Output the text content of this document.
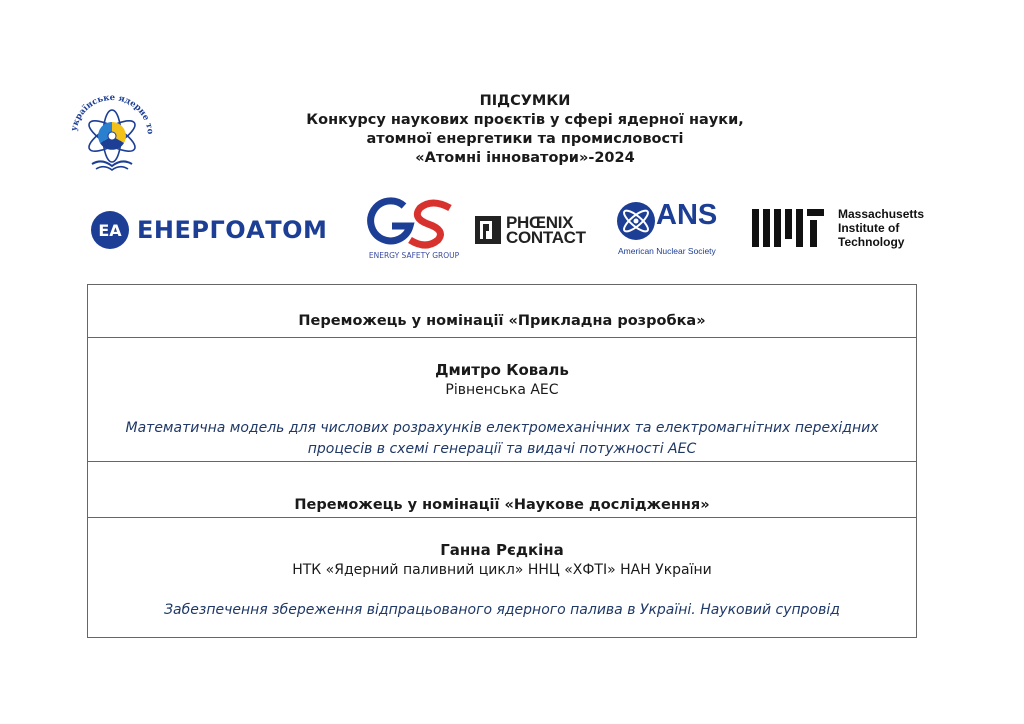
українське ядерне то
ПІДСУМКИ
Конкурсу наукових проєктів у сфері ядерної науки,
атомної енергетики та промисловості
«Атомні інноватори»-2024
EA ЕНЕРГОАТОМ
ENERGY SAFETY GROUP
PHŒNIX
CONTACT
ANS
American Nuclear Society
Massachusetts
Institute of
Technology
Переможець у номінації «Прикладна розробка»
Дмитро Коваль
Рівненська АЕС
Математична модель для числових розрахунків електромеханічних та електромагнітних перехідних процесів в схемі генерації та видачі потужності АЕС
Переможець у номінації «Наукове дослідження»
Ганна Рєдкіна
НТК «Ядерний паливний цикл» ННЦ «ХФТІ» НАН України
Забезпечення збереження відпрацьованого ядерного палива в Україні. Науковий супровід
